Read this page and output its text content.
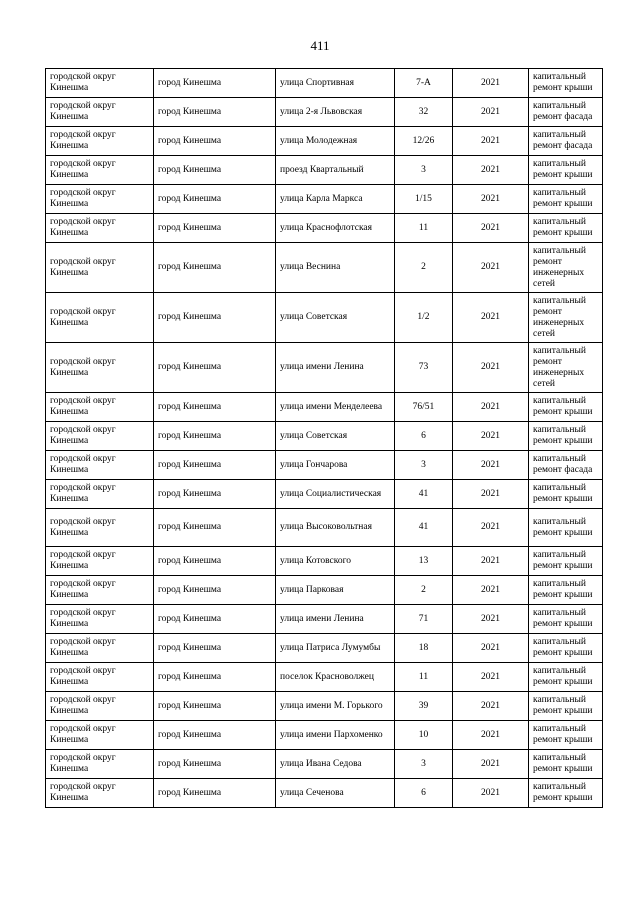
411
городской округ Кинешма	город Кинешма	улица Спортивная	7-А	2021	капитальный ремонт крыши
городской округ Кинешма	город Кинешма	улица 2-я Львовская	32	2021	капитальный ремонт фасада
городской округ Кинешма	город Кинешма	улица Молодежная	12/26	2021	капитальный ремонт фасада
городской округ Кинешма	город Кинешма	проезд Квартальный	3	2021	капитальный ремонт крыши
городской округ Кинешма	город Кинешма	улица Карла Маркса	1/15	2021	капитальный ремонт крыши
городской округ Кинешма	город Кинешма	улица Краснофлотская	11	2021	капитальный ремонт крыши
городской округ Кинешма	город Кинешма	улица Веснина	2	2021	капитальный ремонт инженерных сетей
городской округ Кинешма	город Кинешма	улица Советская	1/2	2021	капитальный ремонт инженерных сетей
городской округ Кинешма	город Кинешма	улица имени Ленина	73	2021	капитальный ремонт инженерных сетей
городской округ Кинешма	город Кинешма	улица имени Менделеева	76/51	2021	капитальный ремонт крыши
городской округ Кинешма	город Кинешма	улица Советская	6	2021	капитальный ремонт крыши
городской округ Кинешма	город Кинешма	улица Гончарова	3	2021	капитальный ремонт фасада
городской округ Кинешма	город Кинешма	улица Социалистическая	41	2021	капитальный ремонт крыши
городской округ Кинешма	город Кинешма	улица Высоковольтная	41	2021	капитальный ремонт крыши
городской округ Кинешма	город Кинешма	улица Котовского	13	2021	капитальный ремонт крыши
городской округ Кинешма	город Кинешма	улица Парковая	2	2021	капитальный ремонт крыши
городской округ Кинешма	город Кинешма	улица имени Ленина	71	2021	капитальный ремонт крыши
городской округ Кинешма	город Кинешма	улица Патриса Лумумбы	18	2021	капитальный ремонт крыши
городской округ Кинешма	город Кинешма	поселок Красноволжец	11	2021	капитальный ремонт крыши
городской округ Кинешма	город Кинешма	улица имени М. Горького	39	2021	капитальный ремонт крыши
городской округ Кинешма	город Кинешма	улица имени Пархоменко	10	2021	капитальный ремонт крыши
городской округ Кинешма	город Кинешма	улица Ивана Седова	3	2021	капитальный ремонт крыши
городской округ Кинешма	город Кинешма	улица Сеченова	6	2021	капитальный ремонт крыши
